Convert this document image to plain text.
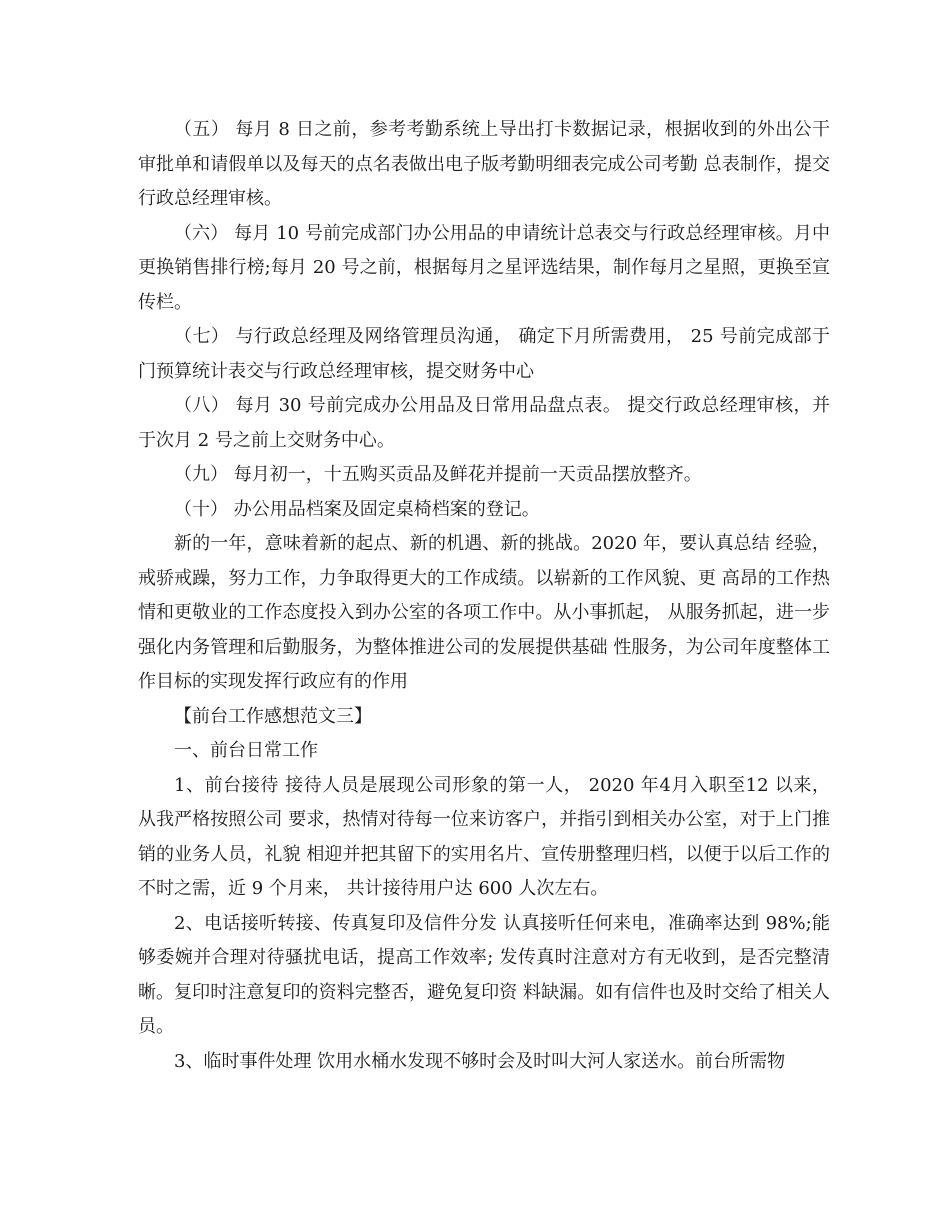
（五） 每月 8 日之前，参考考勤系统上导出打卡数据记录，根据收到的外出公干审批单和请假单以及每天的点名表做出电子版考勤明细表完成公司考勤 总表制作，提交行政总经理审核。

（六） 每月 10 号前完成部门办公用品的申请统计总表交与行政总经理审核。月中更换销售排行榜;每月 20 号之前，根据每月之星评选结果，制作每月之星照，更换至宣传栏。

（七） 与行政总经理及网络管理员沟通， 确定下月所需费用， 25 号前完成部于门预算统计表交与行政总经理审核，提交财务中心

（八） 每月 30 号前完成办公用品及日常用品盘点表。 提交行政总经理审核，并于次月 2 号之前上交财务中心。

（九） 每月初一，十五购买贡品及鲜花并提前一天贡品摆放整齐。

（十） 办公用品档案及固定桌椅档案的登记。

新的一年，意味着新的起点、新的机遇、新的挑战。2020 年，要认真总结 经验，戒骄戒躁，努力工作，力争取得更大的工作成绩。以崭新的工作风貌、更 高昂的工作热情和更敬业的工作态度投入到办公室的各项工作中。从小事抓起， 从服务抓起，进一步强化内务管理和后勤服务，为整体推进公司的发展提供基础 性服务，为公司年度整体工作目标的实现发挥行政应有的作用

【前台工作感想范文三】

一、前台日常工作

1、前台接待 接待人员是展现公司形象的第一人， 2020 年4月入职至12 以来， 从我严格按照公司 要求，热情对待每一位来访客户，并指引到相关办公室，对于上门推销的业务人员，礼貌 相迎并把其留下的实用名片、宣传册整理归档，以便于以后工作的不时之需，近 9 个月来， 共计接待用户达 600 人次左右。

2、电话接听转接、传真复印及信件分发 认真接听任何来电，准确率达到 98%;能够委婉并合理对待骚扰电话，提高工作效率; 发传真时注意对方有无收到，是否完整清晰。复印时注意复印的资料完整否，避免复印资 料缺漏。如有信件也及时交给了相关人员。

3、临时事件处理 饮用水桶水发现不够时会及时叫大河人家送水。前台所需物
